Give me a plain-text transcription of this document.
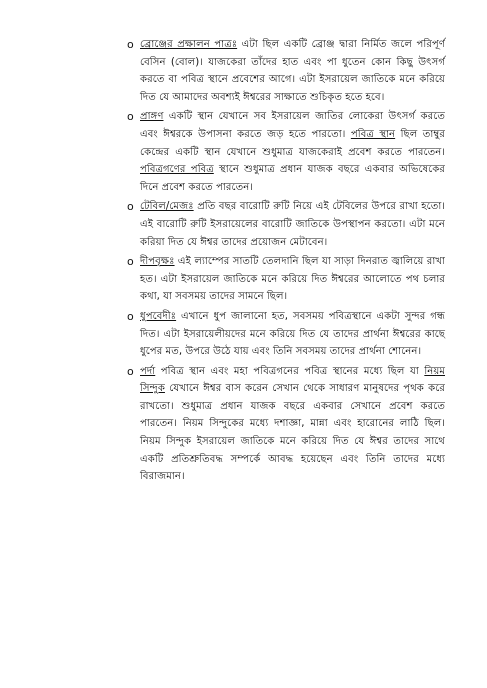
o ব্রোঞ্জের প্রক্ষালন পাত্রঃ এটা ছিল একটি ব্রোঞ্জ দ্বারা নির্মিত জলে পরিপূর্ণ বেসিন (বোল)। যাজকেরা তাঁদের হাত এবং পা ধুতেন কোন কিছু উৎসর্গ করতে বা পবিত্র স্থানে প্রবেশের আগে। এটা ইসরায়েল জাতিকে মনে করিয়ে দিত যে আমাদের অবশ্যই ঈশ্বরের সাক্ষাতে শুচিকৃত হতে হবে।
o প্রাঙ্গণ একটি স্থান যেখানে সব ইসরায়েল জাতির লোকেরা উৎসর্গ করতে এবং ঈশ্বরকে উপাসনা করতে জড় হতে পারতো। পবিত্র স্থান ছিল তাম্বুর কেন্দ্রের একটি স্থান যেখানে শুধুমাত্র যাজকেরাই প্রবেশ করতে পারতেন। পবিত্রগণের পবিত্র স্থানে শুধুমাত্র প্রধান যাজক বছরে একবার অভিষেকের দিনে প্রবেশ করতে পারতেন।
o টেবিল/মেজঃ প্রতি বছর বারোটি রুটি নিয়ে এই টেবিলের উপরে রাখা হতো। এই বারোটি রুটি ইসরায়েলের বারোটি জাতিকে উপস্থাপন করতো। এটা মনে করিয়া দিত যে ঈশ্বর তাদের প্রয়োজন মেটাবেন।
o দীপবৃক্ষঃ এই ল্যাম্পের সাতটি তেলদানি ছিল যা সাড়া দিনরাত জ্বালিয়ে রাখা হত। এটা ইসরায়েল জাতিকে মনে করিয়ে দিত ঈশ্বরের আলোতে পথ চলার কথা, যা সবসময় তাদের সামনে ছিল।
o ধুপবেদীঃ এখানে ধুপ জালানো হত, সবসময় পবিত্রস্থানে একটা সুন্দর গন্ধ দিত। এটা ইসরায়েলীয়দের মনে করিয়ে দিত যে তাদের প্রার্থনা ঈশ্বরের কাছে ধুপের মত, উপরে উঠে যায় এবং তিনি সবসময় তাদের প্রার্থনা শোনেন।
o পর্দা পবিত্র স্থান এবং মহা পবিত্রগনের পবিত্র স্থানের মধ্যে ছিল যা নিয়ম সিন্দুক যেখানে ঈশ্বর বাস করেন সেখান থেকে সাধারণ মানুষদের পৃথক করে রাখতো। শুধুমাত্র প্রধান যাজক বছরে একবার সেখানে প্রবেশ করতে পারতেন। নিয়ম সিন্দুকের মধ্যে দশাজ্ঞা, মান্না এবং হারোনের লাঠি ছিল। নিয়ম সিন্দুক ইসরায়েল জাতিকে মনে করিয়ে দিত যে ঈশ্বর তাদের সাথে একটি প্রতিশ্রুতিবদ্ধ সম্পর্কে আবদ্ধ হয়েছেন এবং তিনি তাদের মধ্যে বিরাজমান।
